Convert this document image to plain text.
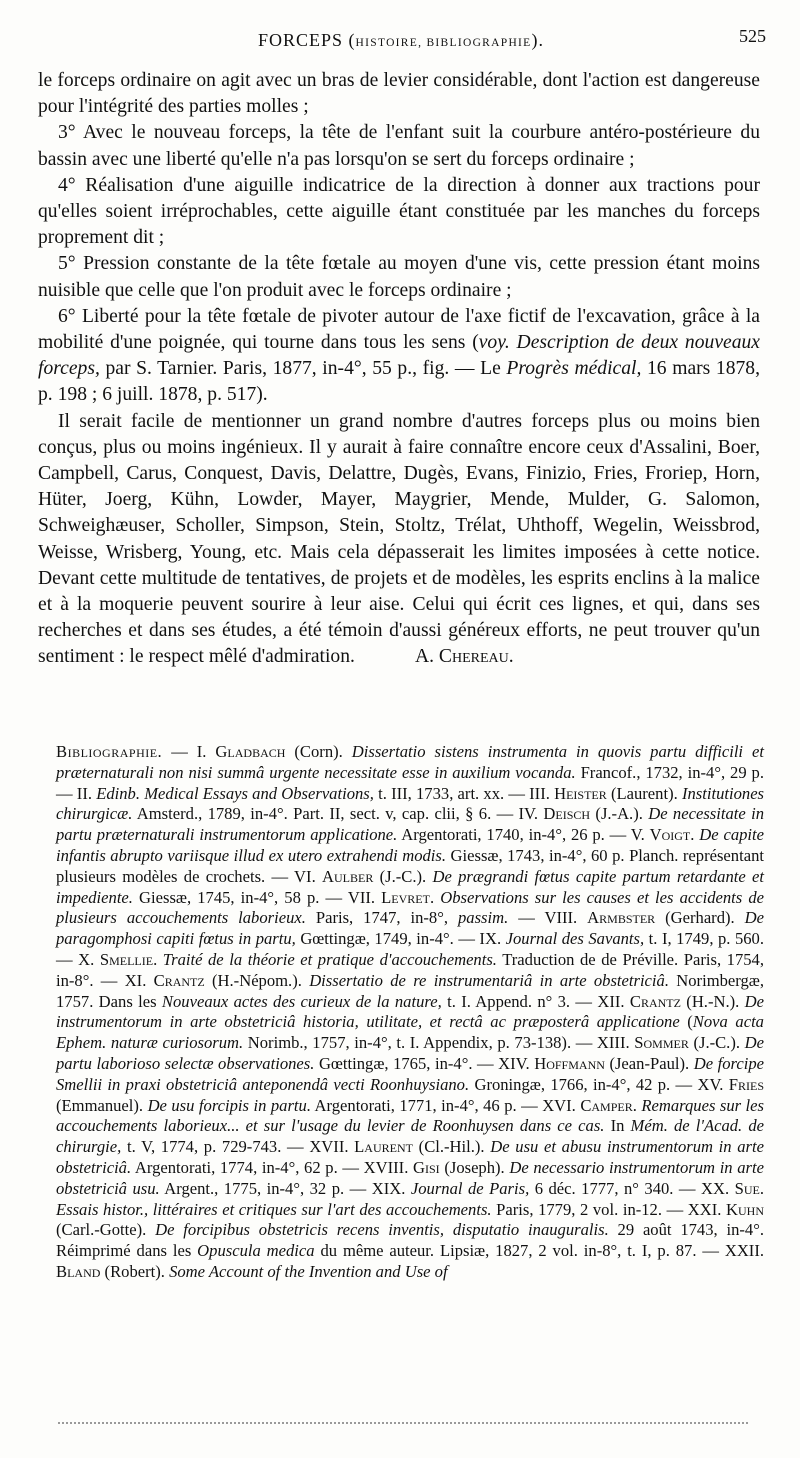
FORCEPS (HISTOIRE, BIBLIOGRAPHIE).	525

le forceps ordinaire on agit avec un bras de levier considérable, dont l'action est dangereuse pour l'intégrité des parties molles ;

3° Avec le nouveau forceps, la tête de l'enfant suit la courbure antéro-postérieure du bassin avec une liberté qu'elle n'a pas lorsqu'on se sert du forceps ordinaire ;

4° Réalisation d'une aiguille indicatrice de la direction à donner aux tractions pour qu'elles soient irréprochables, cette aiguille étant constituée par les manches du forceps proprement dit ;

5° Pression constante de la tête fœtale au moyen d'une vis, cette pression étant moins nuisible que celle que l'on produit avec le forceps ordinaire ;

6° Liberté pour la tête fœtale de pivoter autour de l'axe fictif de l'excavation, grâce à la mobilité d'une poignée, qui tourne dans tous les sens (voy. Description de deux nouveaux forceps, par S. Tarnier. Paris, 1877, in-4°, 55 p., fig. — Le Progrès médical, 16 mars 1878, p. 198 ; 6 juill. 1878, p. 517).

Il serait facile de mentionner un grand nombre d'autres forceps plus ou moins bien conçus, plus ou moins ingénieux. Il y aurait à faire connaître encore ceux d'Assalini, Boer, Campbell, Carus, Conquest, Davis, Delattre, Dugès, Evans, Finizio, Fries, Froriep, Horn, Hüter, Joerg, Kühn, Lowder, Mayer, Maygrier, Mende, Mulder, G. Salomon, Schweighæuser, Scholler, Simpson, Stein, Stoltz, Trélat, Uhthoff, Wegelin, Weissbrod, Weisse, Wrisberg, Young, etc. Mais cela dépasserait les limites imposées à cette notice. Devant cette multitude de tentatives, de projets et de modèles, les esprits enclins à la malice et à la moquerie peuvent sourire à leur aise. Celui qui écrit ces lignes, et qui, dans ses recherches et dans ses études, a été témoin d'aussi généreux efforts, ne peut trouver qu'un sentiment : le respect mêlé d'admiration.	A. Chereau.

Bibliographie. — I. Gladbach (Corn). Dissertatio sistens instrumenta in quovis partu difficili et præternaturali non nisi summâ urgente necessitate esse in auxilium vocanda. Francof., 1732, in-4°, 29 p. — II. Edinb. Medical Essays and Observations, t. III, 1733, art. xx. — III. Heister (Laurent). Institutiones chirurgicæ. Amsterd., 1789, in-4°. Part. II, sect. v, cap. clii, § 6. — IV. Deisch (J.-A.). De necessitate in partu præternaturali instrumentorum applicatione. Argentorati, 1740, in-4°, 26 p. — V. Voigt. De capite infantis abrupto variisque illud ex utero extrahendi modis. Giessæ, 1743, in-4°, 60 p. Planch. représentant plusieurs modèles de crochets. — VI. Aulber (J.-C.). De prægrandi fœtus capite partum retardante et impediente. Giessæ, 1745, in-4°, 58 p. — VII. Levret. Observations sur les causes et les accidents de plusieurs accouchements laborieux. Paris, 1747, in-8°, passim. — VIII. Armbster (Gerhard). De paragomphosi capiti fœtus in partu, Gœttingæ, 1749, in-4°. — IX. Journal des Savants, t. I, 1749, p. 560. — X. Smellie. Traité de la théorie et pratique d'accouchements. Traduction de de Préville. Paris, 1754, in-8°. — XI. Crantz (H.-Népom.). Dissertatio de re instrumentariâ in arte obstetriciâ. Norimbergæ, 1757. Dans les Nouveaux actes des curieux de la nature, t. I. Append. n° 3. — XII. Crantz (H.-N.). De instrumentorum in arte obstetriciâ historia, utilitate, et rectâ ac præposterâ applicatione (Nova acta Ephem. naturæ curiosorum. Norimb., 1757, in-4°, t. I. Appendix, p. 73-138). — XIII. Sommer (J.-C.). De partu laborioso selectæ observationes. Gœttingæ, 1765, in-4°. — XIV. Hoffmann (Jean-Paul). De forcipe Smellii in praxi obstetriciâ anteponendâ vecti Roonhuysiano. Groningæ, 1766, in-4°, 42 p. — XV. Fries (Emmanuel). De usu forcipis in partu. Argentorati, 1771, in-4°, 46 p. — XVI. Camper. Remarques sur les accouchements laborieux... et sur l'usage du levier de Roonhuysen dans ce cas. In Mém. de l'Acad. de chirurgie, t. V, 1774, p. 729-743. — XVII. Laurent (Cl.-Hil.). De usu et abusu instrumentorum in arte obstetriciâ. Argentorati, 1774, in-4°, 62 p. — XVIII. Gisi (Joseph). De necessario instrumentorum in arte obstetriciâ usu. Argent., 1775, in-4°, 32 p. — XIX. Journal de Paris, 6 déc. 1777, n° 340. — XX. Sue. Essais histor., littéraires et critiques sur l'art des accouchements. Paris, 1779, 2 vol. in-12. — XXI. Kuhn (Carl.-Gotte). De forcipibus obstetricis recens inventis, disputatio inauguralis. 29 août 1743, in-4°. Réimprimé dans les Opuscula medica du même auteur. Lipsiæ, 1827, 2 vol. in-8°, t. I, p. 87. — XXII. Bland (Robert). Some Account of the Invention and Use of
